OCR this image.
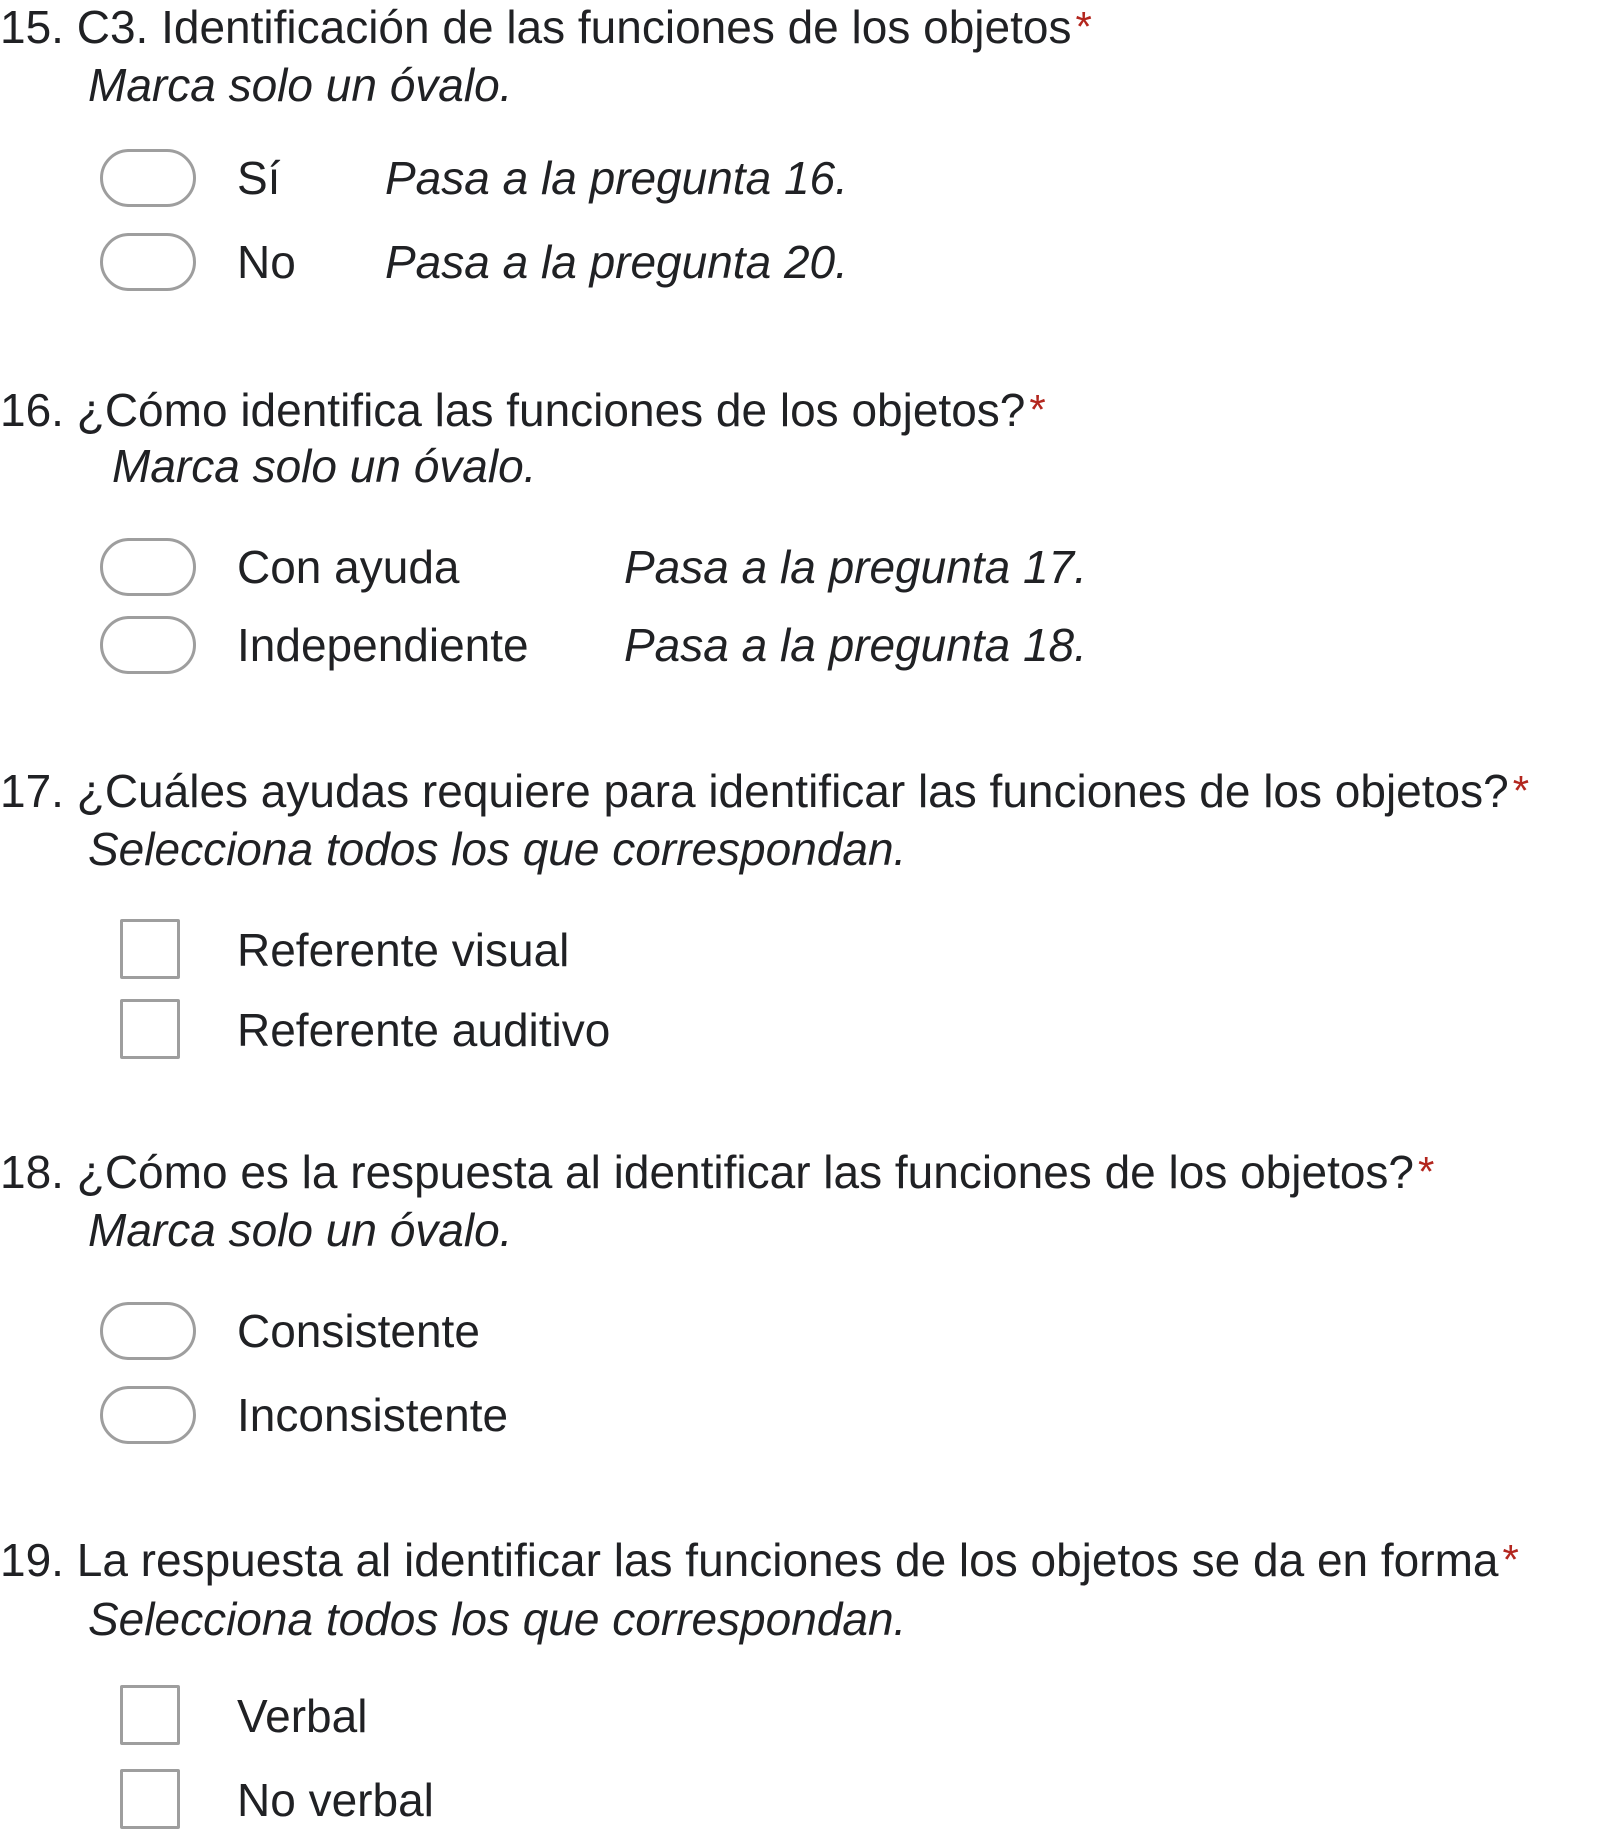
15. C3. Identificación de las funciones de los objetos*
Marca solo un óvalo.
Sí Pasa a la pregunta 16.
No Pasa a la pregunta 20.
16. ¿Cómo identifica las funciones de los objetos?*
Marca solo un óvalo.
Con ayuda	Pasa a la pregunta 17.
Independiente Pasa a la pregunta 18.
17. ¿Cuáles ayudas requiere para identificar las funciones de los objetos?*
Selecciona todos los que correspondan.
Referente visual
Referente auditivo
18. ¿Cómo es la respuesta al identificar las funciones de los objetos?*
Marca solo un óvalo.
Consistente
Inconsistente
19. La respuesta al identificar las funciones de los objetos se da en forma*
Selecciona todos los que correspondan.
Verbal
No verbal
